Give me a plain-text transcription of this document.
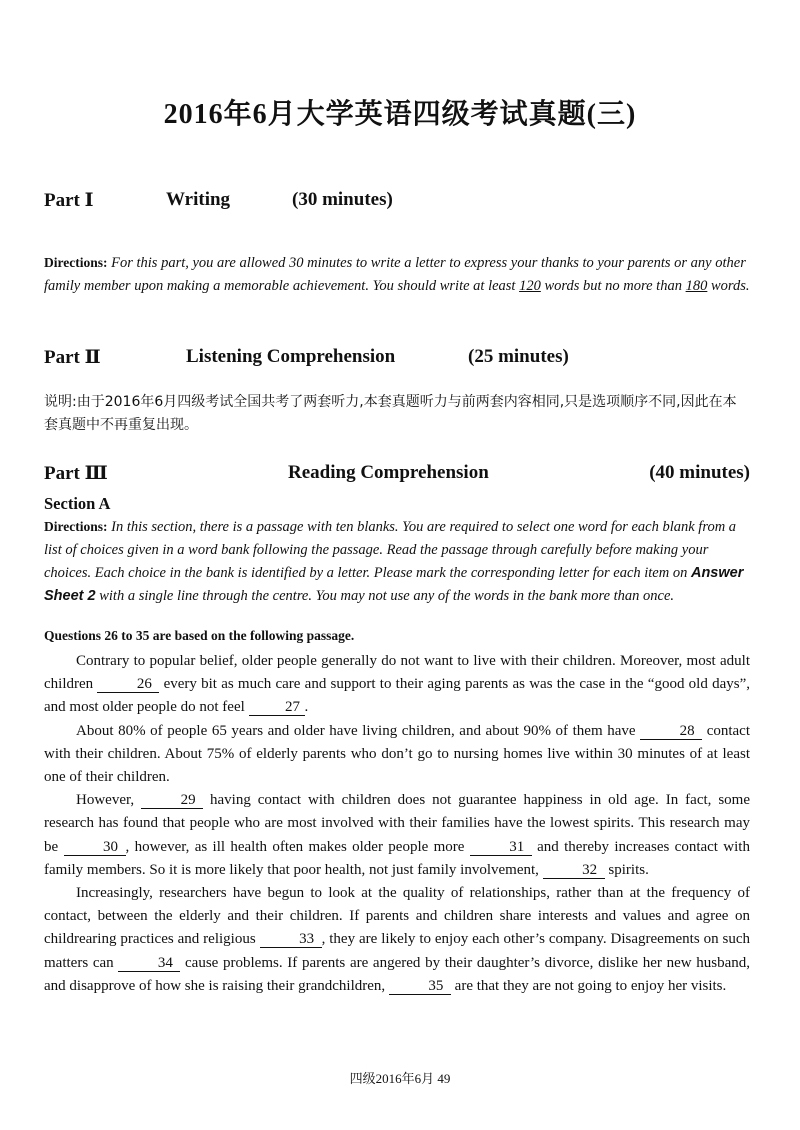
2016年6月大学英语四级考试真题(三)
Part Ⅰ	Writing	(30 minutes)
Directions: For this part, you are allowed 30 minutes to write a letter to express your thanks to your parents or any other family member upon making a memorable achievement. You should write at least 120 words but no more than 180 words.
Part Ⅱ	Listening Comprehension	(25 minutes)
说明:由于2016年6月四级考试全国共考了两套听力,本套真题听力与前两套内容相同,只是选项顺序不同,因此在本套真题中不再重复出现。
Part Ⅲ	Reading Comprehension	(40 minutes)
Section A
Directions: In this section, there is a passage with ten blanks. You are required to select one word for each blank from a list of choices given in a word bank following the passage. Read the passage through carefully before making your choices. Each choice in the bank is identified by a letter. Please mark the corresponding letter for each item on Answer Sheet 2 with a single line through the centre. You may not use any of the words in the bank more than once.
Questions 26 to 35 are based on the following passage.

Contrary to popular belief, older people generally do not want to live with their children. Moreover, most adult children	26 every bit as much care and support to their aging parents as was the case in the “good old days”, and most older people do not feel 27 .

About 80% of people 65 years and older have living children, and about 90% of them have	28 contact with their children. About 75% of elderly parents who don’t go to nursing homes live within 30 minutes of at least one of their children.

However,	29 having contact with children does not guarantee happiness in old age. In fact, some research has found that people who are most involved with their families have the lowest spirits. This research may be	30 , however, as ill health often makes older people more	31 and thereby increases contact with family members. So it is more likely that poor health, not just family involvement,	32 spirits.

Increasingly, researchers have begun to look at the quality of relationships, rather than at the frequency of contact, between the elderly and their children. If parents and children share interests and values and agree on childrearing practices and religious	33 , they are likely to enjoy each other’s company. Disagreements on such matters can	34 cause problems. If parents are angered by their daughter’s divorce, dislike her new husband, and disapprove of how she is raising their grandchildren,	35 are that they are not going to enjoy her visits.

四级2016年6月 49
